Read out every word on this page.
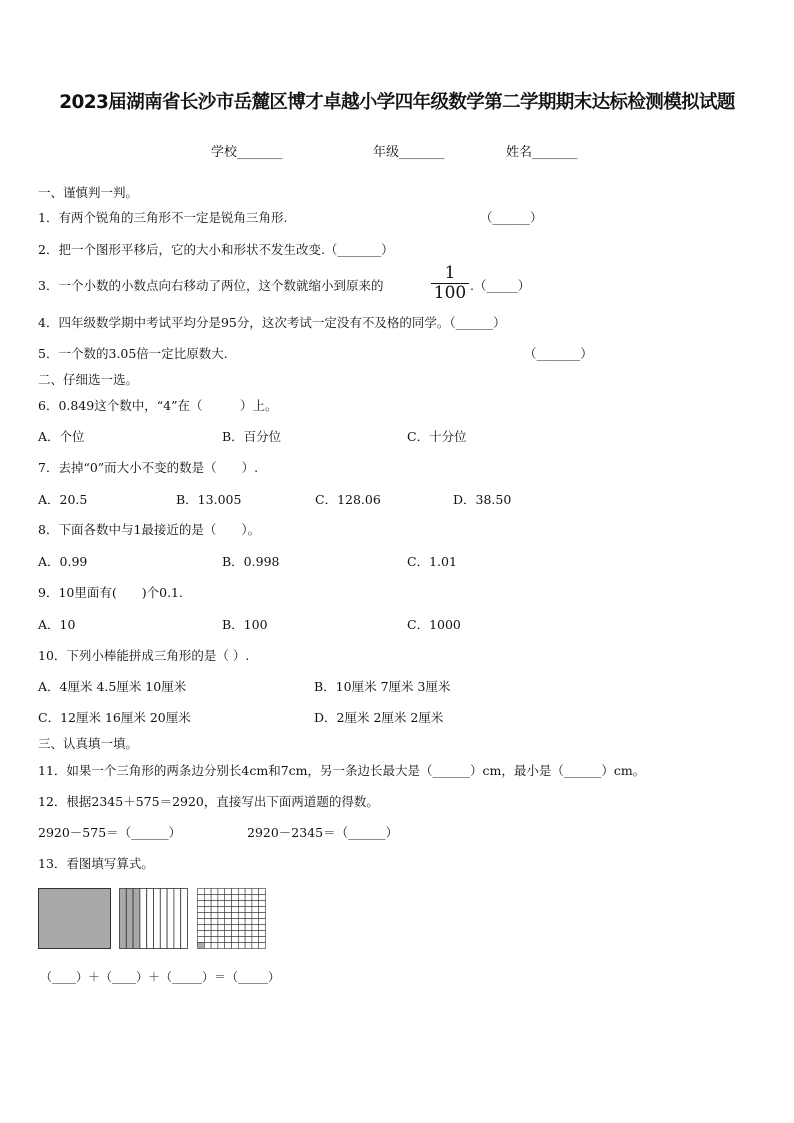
2023届湖南省长沙市岳麓区博才卓越小学四年级数学第二学期期末达标检测模拟试题
学校_______	年级_______	姓名_______
一、谨慎判一判。
1．有两个锐角的三角形不一定是锐角三角形.	（______）
2．把一个图形平移后，它的大小和形状不发生改变.（_______）
3．一个小数的小数点向右移动了两位，这个数就缩小到原来的
1
100 .（_____）
4．四年级数学期中考试平均分是95分，这次考试一定没有不及格的同学。（______）
5．一个数的3.05倍一定比原数大.	（_______）
二、仔细选一选。
6．0.849这个数中，“4”在（　　　）上。
A．个位	B．百分位	C．十分位
7．去掉“0”而大小不变的数是（　　）.
A．20.5	B．13.005	C．128.06	D．38.50
8．下面各数中与1最接近的是（　　）。
A．0.99	B．0.998	C．1.01
9．10里面有(　　)个0.1.
A．10	B．100	C．1000
10．下列小棒能拼成三角形的是（ ）.
A．4厘米 4.5厘米 10厘米	B．10厘米 7厘米 3厘米
C．12厘米 16厘米 20厘米	D．2厘米 2厘米 2厘米
三、认真填一填。
11．如果一个三角形的两条边分别长4cm和7cm，另一条边长最大是（______）cm，最小是（______）cm。
12．根据2345＋575＝2920，直接写出下面两道题的得数。
2920－575＝（______）	2920－2345＝（______）
13．看图填写算式。
（____）＋（____）＋（_____）＝（_____）
